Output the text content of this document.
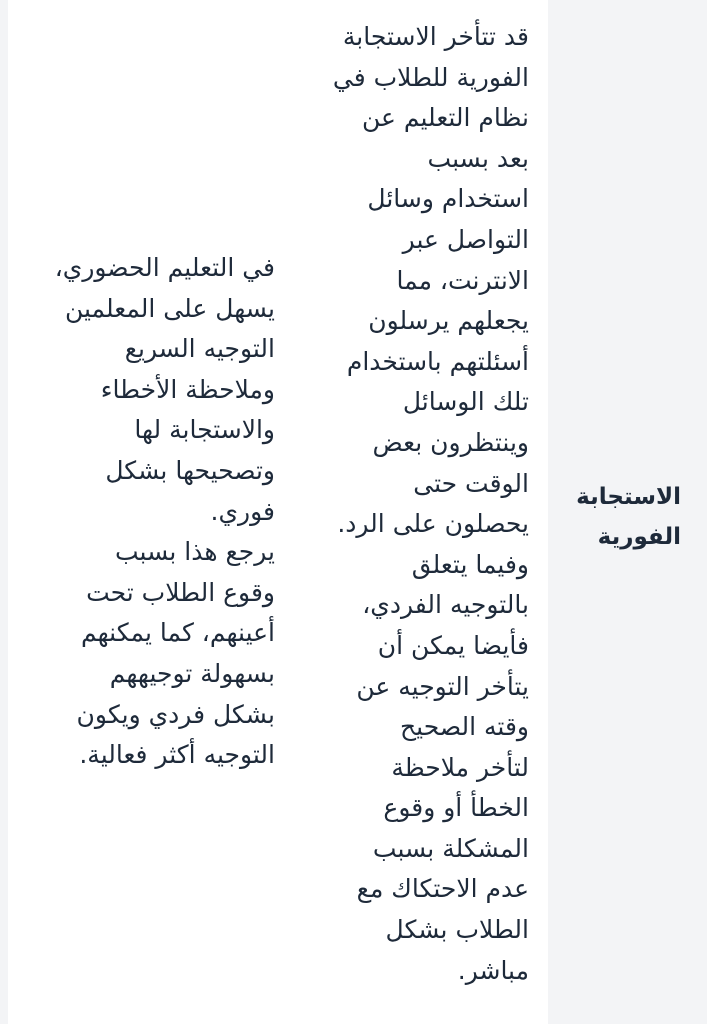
الاستجابة
الفورية
قد تتأخر الاستجابة
الفورية للطلاب في
نظام التعليم عن
بعد بسبب
استخدام وسائل
التواصل عبر
الانترنت، مما
يجعلهم يرسلون
أسئلتهم باستخدام
تلك الوسائل
وينتظرون بعض
الوقت حتى
يحصلون على الرد.
وفيما يتعلق
بالتوجيه الفردي،
فأيضا يمكن أن
يتأخر التوجيه عن
وقته الصحيح
لتأخر ملاحظة
الخطأ أو وقوع
المشكلة بسبب
عدم الاحتكاك مع
الطلاب بشكل
مباشر.
في التعليم الحضوري،
يسهل على المعلمين
التوجيه السريع
وملاحظة الأخطاء
والاستجابة لها
وتصحيحها بشكل
فوري.
يرجع هذا بسبب
وقوع الطلاب تحت
أعينهم، كما يمكنهم
بسهولة توجيههم
بشكل فردي ويكون
التوجيه أكثر فعالية.
